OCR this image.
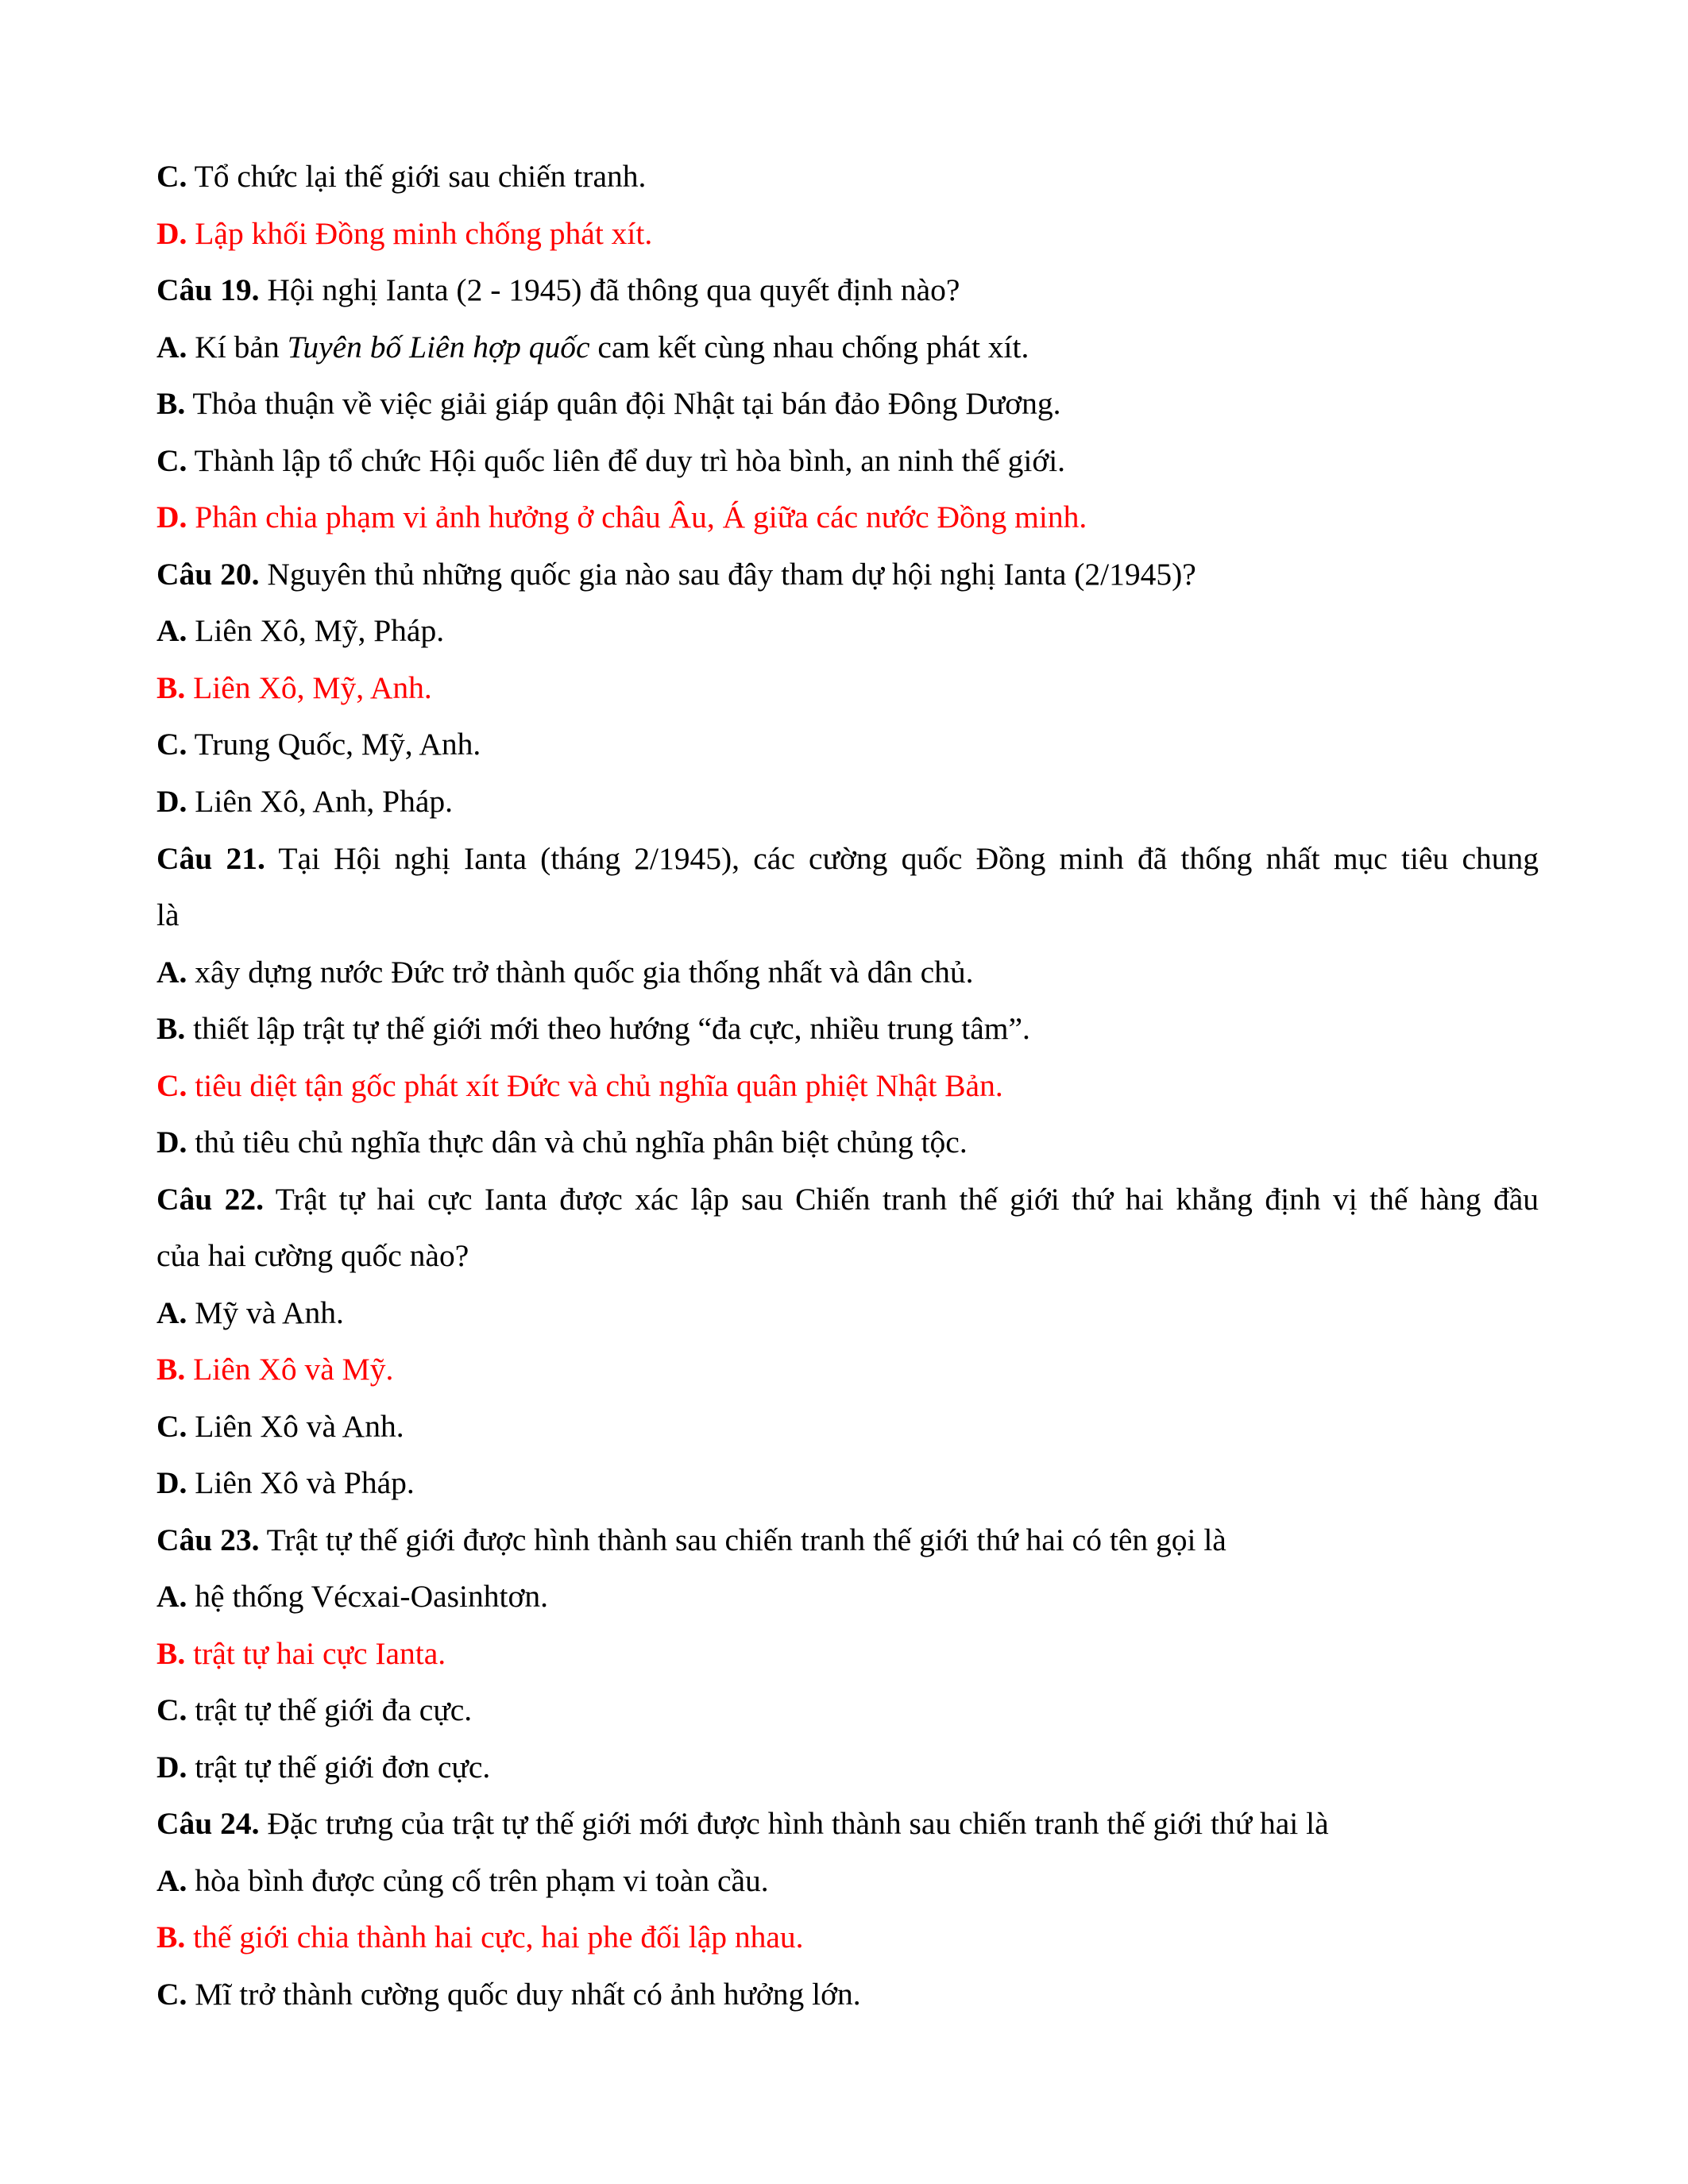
C. Tổ chức lại thế giới sau chiến tranh.
D. Lập khối Đồng minh chống phát xít.
Câu 19. Hội nghị Ianta (2 - 1945) đã thông qua quyết định nào?
A. Kí bản Tuyên bố Liên hợp quốc cam kết cùng nhau chống phát xít.
B. Thỏa thuận về việc giải giáp quân đội Nhật tại bán đảo Đông Dương.
C. Thành lập tổ chức Hội quốc liên để duy trì hòa bình, an ninh thế giới.
D. Phân chia phạm vi ảnh hưởng ở châu Âu, Á giữa các nước Đồng minh.
Câu 20. Nguyên thủ những quốc gia nào sau đây tham dự hội nghị Ianta (2/1945)?
A. Liên Xô, Mỹ, Pháp.
B. Liên Xô, Mỹ, Anh.
C. Trung Quốc, Mỹ, Anh.
D. Liên Xô, Anh, Pháp.
Câu 21. Tại Hội nghị Ianta (tháng 2/1945), các cường quốc Đồng minh đã thống nhất mục tiêu chung
là
A. xây dựng nước Đức trở thành quốc gia thống nhất và dân chủ.
B. thiết lập trật tự thế giới mới theo hướng “đa cực, nhiều trung tâm”.
C. tiêu diệt tận gốc phát xít Đức và chủ nghĩa quân phiệt Nhật Bản.
D. thủ tiêu chủ nghĩa thực dân và chủ nghĩa phân biệt chủng tộc.
Câu 22. Trật tự hai cực Ianta được xác lập sau Chiến tranh thế giới thứ hai khẳng định vị thế hàng đầu
của hai cường quốc nào?
A. Mỹ và Anh.
B. Liên Xô và Mỹ.
C. Liên Xô và Anh.
D. Liên Xô và Pháp.
Câu 23. Trật tự thế giới được hình thành sau chiến tranh thế giới thứ hai có tên gọi là
A. hệ thống Vécxai-Oasinhtơn.
B. trật tự hai cực Ianta.
C. trật tự thế giới đa cực.
D. trật tự thế giới đơn cực.
Câu 24. Đặc trưng của trật tự thế giới mới được hình thành sau chiến tranh thế giới thứ hai là
A. hòa bình được củng cố trên phạm vi toàn cầu.
B. thế giới chia thành hai cực, hai phe đối lập nhau.
C. Mĩ trở thành cường quốc duy nhất có ảnh hưởng lớn.
